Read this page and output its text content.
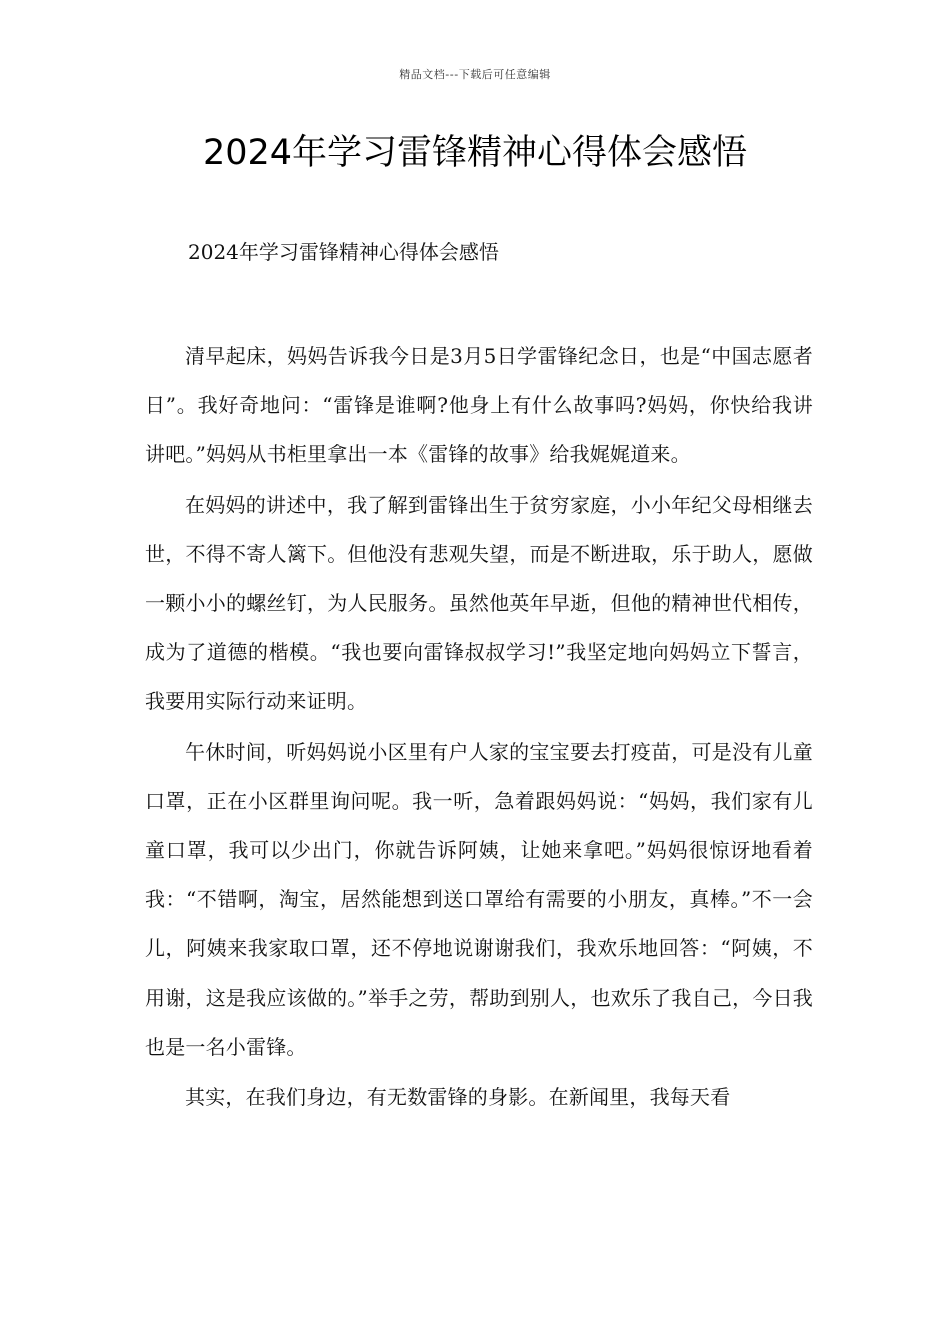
精品文档---下载后可任意编辑
2024年学习雷锋精神心得体会感悟

2024年学习雷锋精神心得体会感悟

清早起床，妈妈告诉我今日是3月5日学雷锋纪念日，也是“中国志愿者日”。我好奇地问：“雷锋是谁啊?他身上有什么故事吗?妈妈，你快给我讲讲吧。”妈妈从书柜里拿出一本《雷锋的故事》给我娓娓道来。

在妈妈的讲述中，我了解到雷锋出生于贫穷家庭，小小年纪父母相继去世，不得不寄人篱下。但他没有悲观失望，而是不断进取，乐于助人，愿做一颗小小的螺丝钉，为人民服务。虽然他英年早逝，但他的精神世代相传，成为了道德的楷模。“我也要向雷锋叔叔学习!”我坚定地向妈妈立下誓言，我要用实际行动来证明。

午休时间，听妈妈说小区里有户人家的宝宝要去打疫苗，可是没有儿童口罩，正在小区群里询问呢。我一听，急着跟妈妈说：“妈妈，我们家有儿童口罩，我可以少出门，你就告诉阿姨，让她来拿吧。”妈妈很惊讶地看着我：“不错啊，淘宝，居然能想到送口罩给有需要的小朋友，真棒。”不一会儿，阿姨来我家取口罩，还不停地说谢谢我们，我欢乐地回答：“阿姨，不用谢，这是我应该做的。”举手之劳，帮助到别人，也欢乐了我自己，今日我也是一名小雷锋。

其实，在我们身边，有无数雷锋的身影。在新闻里，我每天看
